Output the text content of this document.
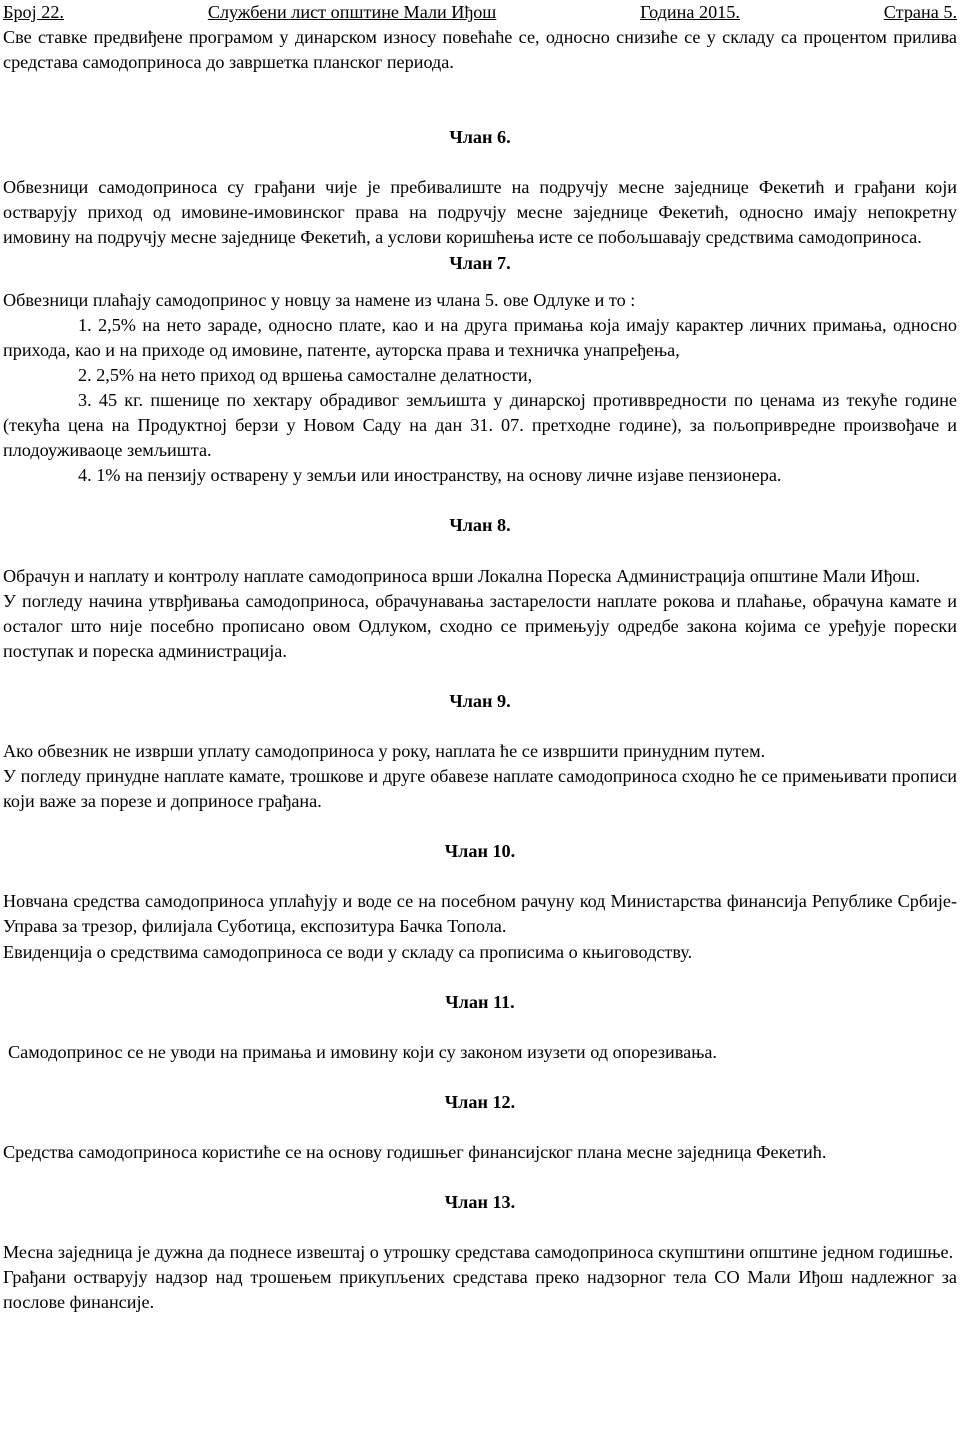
Број 22.	Службени лист општине Мали Иђош	Година 2015.	Страна 5.

Све ставке предвиђене програмом у динарском износу повећаће се, односно снизиће се у складу са процентом прилива средстава самодоприноса до завршетка планског периода.

Члан 6.

Обвезници самодоприноса су грађани чије је пребивалиште на подручју месне заједнице Фекетић и грађани који остварују приход од имовине-имовинског права на подручју месне заједнице Фекетић, односно имају непокретну имовину на подручју месне заједнице Фекетић, а услови коришћења исте се побољшавају средствима самодоприноса.

Члан 7.

Обвезници плаћају самодопринос у новцу за намене из члана 5. ове Одлуке и то :

1. 2,5% на нето зараде, односно плате, као и на друга примања која имају карактер личних примања, односно прихода, као и на приходе од имовине, патенте, ауторска права и техничка унапређења,

2. 2,5% на нето приход од вршења самосталне делатности,

3. 45 кг. пшенице по хектару обрадивог земљишта у динарској противвредности по ценама из текуће године (текућа цена на Продуктној берзи у Новом Саду на дан 31. 07. претходне године), за пољопривредне произвођаче и плодоуживаоце земљишта.

4. 1% на пензију остварену у земљи или иностранству, на основу личне изјаве пензионера.

Члан 8.

Обрачун и наплату и контролу наплате самодоприноса врши Локална Пореска Администрација општине Мали Иђош.

У погледу начина утврђивања самодоприноса, обрачунавања застарелости наплате рокова и плаћање, обрачуна камате и осталог што није посебно прописано овом Одлуком, сходно се примењују одредбе закона којима се уређује порески поступак и пореска администрација.

Члан 9.

Ако обвезник не изврши уплату самодоприноса у року, наплата ће се извршити принудним путем.

У погледу принудне наплате камате, трошкове и друге обавезе наплате самодоприноса сходно ће се примењивати прописи који важе за порезе и доприносе грађана.

Члан 10.

Новчана средства самодоприноса уплаћују и воде се на посебном рачуну код Министарства финансија Републике Србије-Управа за трезор, филијала Суботица, експозитура Бачка Топола.

Евиденција о средствима самодоприноса се води у складу са прописима о књиговодству.

Члан 11.

Самодопринос се не уводи на примања и имовину који су законом изузети од опорезивања.

Члан 12.

Средства самодоприноса користиће се на основу годишњег финансијског плана месне заједница Фекетић.

Члан 13.

Месна заједница је дужна да поднесе извештај о утрошку средстава самодоприноса скупштини општине једном годишње.

Грађани остварују надзор над трошењем прикупљених средстава преко надзорног тела СО Мали Иђош надлежног за послове финансије.
